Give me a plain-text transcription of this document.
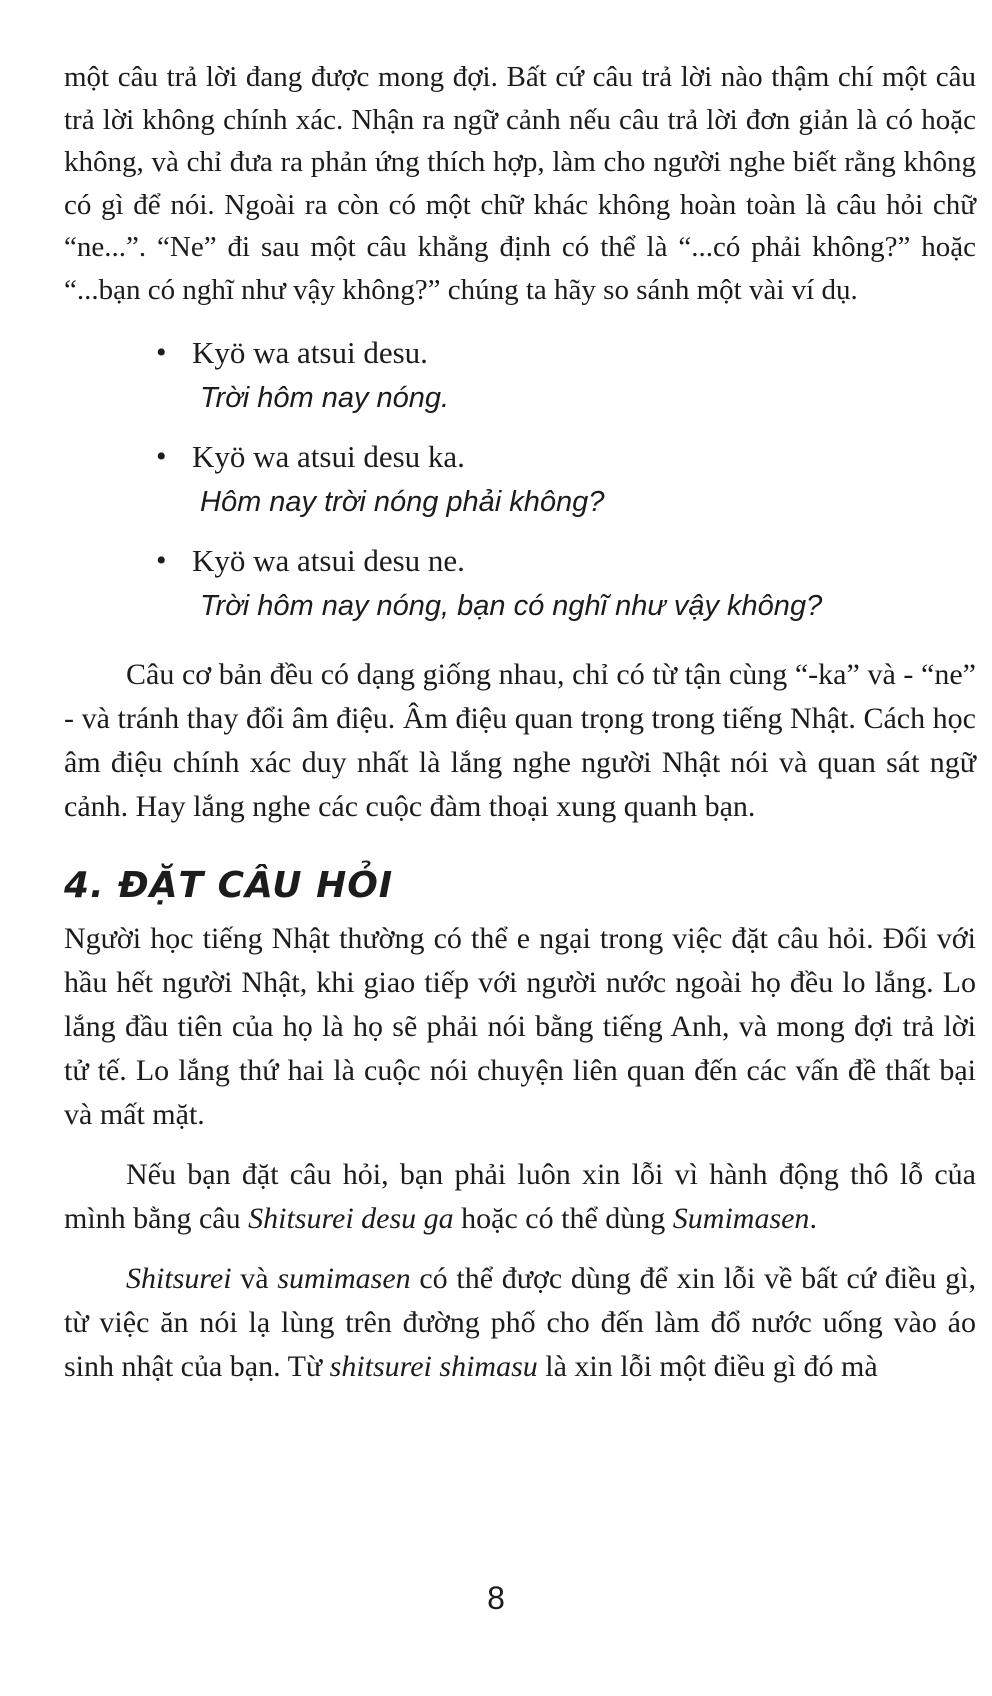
một câu trả lời đang được mong đợi. Bất cứ câu trả lời nào thậm chí một câu trả lời không chính xác. Nhận ra ngữ cảnh nếu câu trả lời đơn giản là có hoặc không, và chỉ đưa ra phản ứng thích hợp, làm cho người nghe biết rằng không có gì để nói. Ngoài ra còn có một chữ khác không hoàn toàn là câu hỏi chữ “ne...”. “Ne” đi sau một câu khẳng định có thể là “...có phải không?” hoặc “...bạn có nghĩ như vậy không?” chúng ta hãy so sánh một vài ví dụ.

• Kyö wa atsui desu.
Trời hôm nay nóng.
• Kyö wa atsui desu ka.
Hôm nay trời nóng phải không?
• Kyö wa atsui desu ne.
Trời hôm nay nóng, bạn có nghĩ như vậy không?

Câu cơ bản đều có dạng giống nhau, chỉ có từ tận cùng “-ka” và - “ne” - và tránh thay đổi âm điệu. Âm điệu quan trọng trong tiếng Nhật. Cách học âm điệu chính xác duy nhất là lắng nghe người Nhật nói và quan sát ngữ cảnh. Hay lắng nghe các cuộc đàm thoại xung quanh bạn.

4. ĐẶT CÂU HỎI

Người học tiếng Nhật thường có thể e ngại trong việc đặt câu hỏi. Đối với hầu hết người Nhật, khi giao tiếp với người nước ngoài họ đều lo lắng. Lo lắng đầu tiên của họ là họ sẽ phải nói bằng tiếng Anh, và mong đợi trả lời tử tế. Lo lắng thứ hai là cuộc nói chuyện liên quan đến các vấn đề thất bại và mất mặt.

Nếu bạn đặt câu hỏi, bạn phải luôn xin lỗi vì hành động thô lỗ của mình bằng câu Shitsurei desu ga hoặc có thể dùng Sumimasen.

Shitsurei và sumimasen có thể được dùng để xin lỗi về bất cứ điều gì, từ việc ăn nói lạ lùng trên đường phố cho đến làm đổ nước uống vào áo sinh nhật của bạn. Từ shitsurei shimasu là xin lỗi một điều gì đó mà

8
